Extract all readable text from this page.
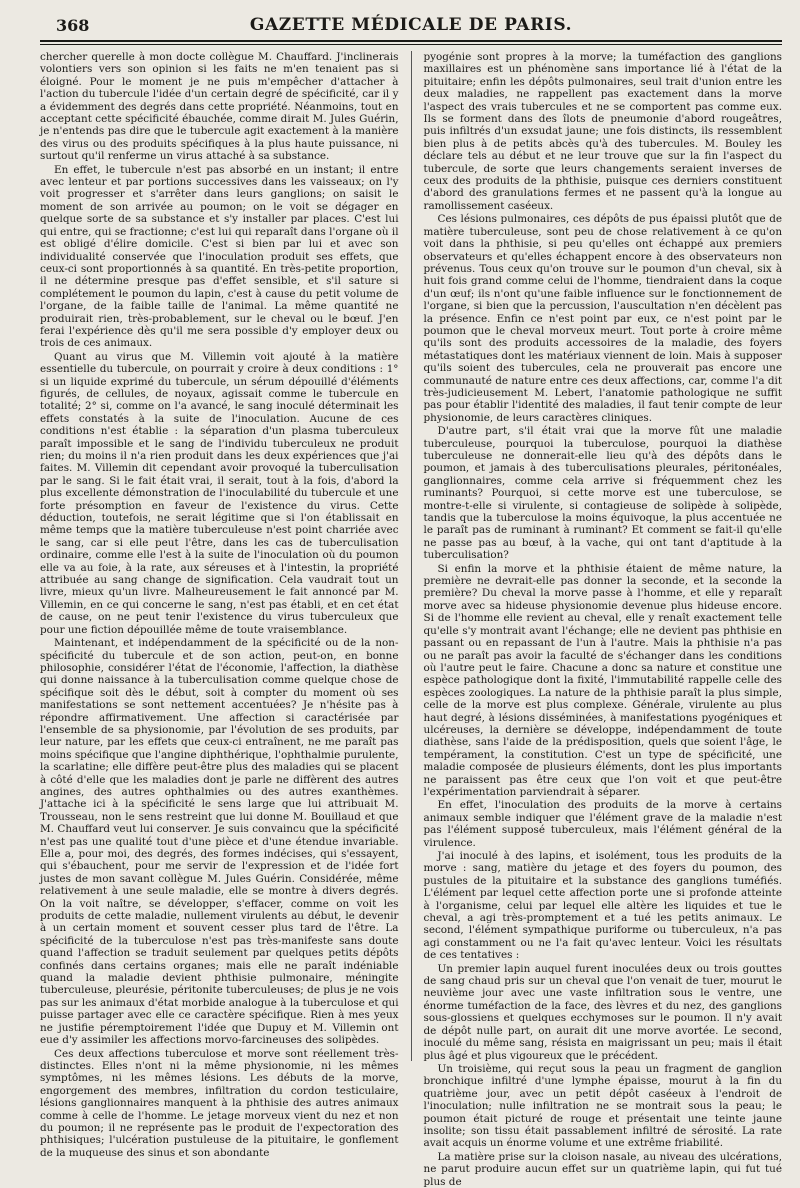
368	GAZETTE MÉDICALE DE PARIS.

chercher querelle à mon docte collègue M. Chauffard. J'inclinerais volontiers vers son opinion si les faits ne m'en tenaient pas si éloigné. Pour le moment je ne puis m'empêcher d'attacher à l'action du tubercule l'idée d'un certain degré de spécificité, car il y a évidemment des degrés dans cette propriété. Néanmoins, tout en acceptant cette spécificité ébauchée, comme dirait M. Jules Guérin, je n'entends pas dire que le tubercule agit exactement à la manière des virus ou des produits spécifiques à la plus haute puissance, ni surtout qu'il renferme un virus attaché à sa substance.

En effet, le tubercule n'est pas absorbé en un instant; il entre avec lenteur et par portions successives dans les vaisseaux; on l'y voit progresser et s'arrêter dans leurs ganglions; on saisit le moment de son arrivée au poumon; on le voit se dégager en quelque sorte de sa substance et s'y installer par places. C'est lui qui entre, qui se fractionne; c'est lui qui reparaît dans l'organe où il est obligé d'élire domicile. C'est si bien par lui et avec son individualité conservée que l'inoculation produit ses effets, que ceux-ci sont proportionnés à sa quantité. En très-petite proportion, il ne détermine presque pas d'effet sensible, et s'il sature si complétement le poumon du lapin, c'est à cause du petit volume de l'organe, de la faible taille de l'animal. La même quantité ne produirait rien, très-probablement, sur le cheval ou le bœuf. J'en ferai l'expérience dès qu'il me sera possible d'y employer deux ou trois de ces animaux.

Quant au virus que M. Villemin voit ajouté à la matière essentielle du tubercule, on pourrait y croire à deux conditions : 1° si un liquide exprimé du tubercule, un sérum dépouillé d'éléments figurés, de cellules, de noyaux, agissait comme le tubercule en totalité; 2° si, comme on l'a avancé, le sang inoculé déterminait les effets constatés à la suite de l'inoculation. Aucune de ces conditions n'est établie : la séparation d'un plasma tuberculeux paraît impossible et le sang de l'individu tuberculeux ne produit rien; du moins il n'a rien produit dans les deux expériences que j'ai faites. M. Villemin dit cependant avoir provoqué la tuberculisation par le sang. Si le fait était vrai, il serait, tout à la fois, d'abord la plus excellente démonstration de l'inoculabilité du tubercule et une forte présomption en faveur de l'existence du virus. Cette déduction, toutefois, ne serait légitime que si l'on établissait en même temps que la matière tuberculeuse n'est point charriée avec le sang, car si elle peut l'être, dans les cas de tuberculisation ordinaire, comme elle l'est à la suite de l'inoculation où du poumon elle va au foie, à la rate, aux séreuses et à l'intestin, la propriété attribuée au sang change de signification. Cela vaudrait tout un livre, mieux qu'un livre. Malheureusement le fait annoncé par M. Villemin, en ce qui concerne le sang, n'est pas établi, et en cet état de cause, on ne peut tenir l'existence du virus tuberculeux que pour une fiction dépouillée même de toute vraisemblance.

Maintenant, et indépendamment de la spécificité ou de la non-spécificité du tubercule et de son action, peut-on, en bonne philosophie, considérer l'état de l'économie, l'affection, la diathèse qui donne naissance à la tuberculisation comme quelque chose de spécifique soit dès le début, soit à compter du moment où ses manifestations se sont nettement accentuées? Je n'hésite pas à répondre affirmativement. Une affection si caractérisée par l'ensemble de sa physionomie, par l'évolution de ses produits, par leur nature, par les effets que ceux-ci entraînent, ne me paraît pas moins spécifique que l'angine diphthérique, l'ophthalmie purulente, la scarlatine; elle diffère peut-être plus des maladies qui se placent à côté d'elle que les maladies dont je parle ne diffèrent des autres angines, des autres ophthalmies ou des autres exanthèmes. J'attache ici à la spécificité le sens large que lui attribuait M. Trousseau, non le sens restreint que lui donne M. Bouillaud et que M. Chauffard veut lui conserver. Je suis convaincu que la spécificité n'est pas une qualité tout d'une pièce et d'une étendue invariable. Elle a, pour moi, des degrés, des formes indécises, qui s'essayent, qui s'ébauchent, pour me servir de l'expression et de l'idée fort justes de mon savant collègue M. Jules Guérin. Considérée, même relativement à une seule maladie, elle se montre à divers degrés. On la voit naître, se développer, s'effacer, comme on voit les produits de cette maladie, nullement virulents au début, le devenir à un certain moment et souvent cesser plus tard de l'être. La spécificité de la tuberculose n'est pas très-manifeste sans doute quand l'affection se traduit seulement par quelques petits dépôts confinés dans certains organes; mais elle ne paraît indéniable quand la maladie devient phthisie pulmonaire, méningite tuberculeuse, pleurésie, péritonite tuberculeuses; de plus je ne vois pas sur les animaux d'état morbide analogue à la tuberculose et qui puisse partager avec elle ce caractère spécifique. Rien à mes yeux ne justifie péremptoirement l'idée que Dupuy et M. Villemin ont eue d'y assimiler les affections morvo-farcineuses des solipèdes.

Ces deux affections tuberculose et morve sont réellement très-distinctes. Elles n'ont ni la même physionomie, ni les mêmes symptômes, ni les mêmes lésions. Les débuts de la morve, engorgement des membres, infiltration du cordon testiculaire, lésions ganglionnaires manquent à la phthisie des autres animaux comme à celle de l'homme. Le jetage morveux vient du nez et non du poumon; il ne représente pas le produit de l'expectoration des phthisiques; l'ulcération pustuleuse de la pituitaire, le gonflement de la muqueuse des sinus et son abondante

pyogénie sont propres à la morve; la tuméfaction des ganglions maxillaires est un phénomène sans importance lié à l'état de la pituitaire; enfin les dépôts pulmonaires, seul trait d'union entre les deux maladies, ne rappellent pas exactement dans la morve l'aspect des vrais tubercules et ne se comportent pas comme eux. Ils se forment dans des îlots de pneumonie d'abord rougeâtres, puis infiltrés d'un exsudat jaune; une fois distincts, ils ressemblent bien plus à de petits abcès qu'à des tubercules. M. Bouley les déclare tels au début et ne leur trouve que sur la fin l'aspect du tubercule, de sorte que leurs changements seraient inverses de ceux des produits de la phthisie, puisque ces derniers constituent d'abord des granulations fermes et ne passent qu'à la longue au ramollissement caséeux.

Ces lésions pulmonaires, ces dépôts de pus épaissi plutôt que de matière tuberculeuse, sont peu de chose relativement à ce qu'on voit dans la phthisie, si peu qu'elles ont échappé aux premiers observateurs et qu'elles échappent encore à des observateurs non prévenus. Tous ceux qu'on trouve sur le poumon d'un cheval, six à huit fois grand comme celui de l'homme, tiendraient dans la coque d'un œuf; ils n'ont qu'une faible influence sur le fonctionnement de l'organe, si bien que la percussion, l'auscultation n'en décèlent pas la présence. Enfin ce n'est point par eux, ce n'est point par le poumon que le cheval morveux meurt. Tout porte à croire même qu'ils sont des produits accessoires de la maladie, des foyers métastatiques dont les matériaux viennent de loin. Mais à supposer qu'ils soient des tubercules, cela ne prouverait pas encore une communauté de nature entre ces deux affections, car, comme l'a dit très-judicieusement M. Lebert, l'anatomie pathologique ne suffit pas pour établir l'identité des maladies, il faut tenir compte de leur physionomie, de leurs caractères cliniques.

D'autre part, s'il était vrai que la morve fût une maladie tuberculeuse, pourquoi la tuberculose, pourquoi la diathèse tuberculeuse ne donnerait-elle lieu qu'à des dépôts dans le poumon, et jamais à des tuberculisations pleurales, péritonéales, ganglionnaires, comme cela arrive si fréquemment chez les ruminants? Pourquoi, si cette morve est une tuberculose, se montre-t-elle si virulente, si contagieuse de solipède à solipède, tandis que la tuberculose la moins équivoque, la plus accentuée ne le paraît pas de ruminant à ruminant? Et comment se fait-il qu'elle ne passe pas au bœuf, à la vache, qui ont tant d'aptitude à la tuberculisation?

Si enfin la morve et la phthisie étaient de même nature, la première ne devrait-elle pas donner la seconde, et la seconde la première? Du cheval la morve passe à l'homme, et elle y reparaît morve avec sa hideuse physionomie devenue plus hideuse encore. Si de l'homme elle revient au cheval, elle y renaît exactement telle qu'elle s'y montrait avant l'échange; elle ne devient pas phthisie en passant ou en repassant de l'un à l'autre. Mais la phthisie n'a pas ou ne paraît pas avoir la faculté de s'échanger dans les conditions où l'autre peut le faire. Chacune a donc sa nature et constitue une espèce pathologique dont la fixité, l'immutabilité rappelle celle des espèces zoologiques. La nature de la phthisie paraît la plus simple, celle de la morve est plus complexe. Générale, virulente au plus haut degré, à lésions disséminées, à manifestations pyogéniques et ulcéreuses, la dernière se développe, indépendamment de toute diathèse, sans l'aide de la prédisposition, quels que soient l'âge, le tempérament, la constitution. C'est un type de spécificité, une maladie composée de plusieurs éléments, dont les plus importants ne paraissent pas être ceux que l'on voit et que peut-être l'expérimentation parviendrait à séparer.

En effet, l'inoculation des produits de la morve à certains animaux semble indiquer que l'élément grave de la maladie n'est pas l'élément supposé tuberculeux, mais l'élément général de la virulence.

J'ai inoculé à des lapins, et isolément, tous les produits de la morve : sang, matière du jetage et des foyers du poumon, des pustules de la pituitaire et la substance des ganglions tuméfiés. L'élément par lequel cette affection porte une si profonde atteinte à l'organisme, celui par lequel elle altère les liquides et tue le cheval, a agi très-promptement et a tué les petits animaux. Le second, l'élément sympathique puriforme ou tuberculeux, n'a pas agi constamment ou ne l'a fait qu'avec lenteur. Voici les résultats de ces tentatives :

Un premier lapin auquel furent inoculées deux ou trois gouttes de sang chaud pris sur un cheval que l'on venait de tuer, mourut le neuvième jour avec une vaste infiltration sous le ventre, une énorme tuméfaction de la face, des lèvres et du nez, des ganglions sous-glossiens et quelques ecchymoses sur le poumon. Il n'y avait de dépôt nulle part, on aurait dit une morve avortée. Le second, inoculé du même sang, résista en maigrissant un peu; mais il était plus âgé et plus vigoureux que le précédent.

Un troisième, qui reçut sous la peau un fragment de ganglion bronchique infiltré d'une lymphe épaisse, mourut à la fin du quatrième jour, avec un petit dépôt caséeux à l'endroit de l'inoculation; nulle infiltration ne se montrait sous la peau; le poumon était picturé de rouge et présentait une teinte jaune insolite; son tissu était passablement infiltré de sérosité. La rate avait acquis un énorme volume et une extrême friabilité.

La matière prise sur la cloison nasale, au niveau des ulcérations, ne parut produire aucun effet sur un quatrième lapin, qui fut tué plus de
